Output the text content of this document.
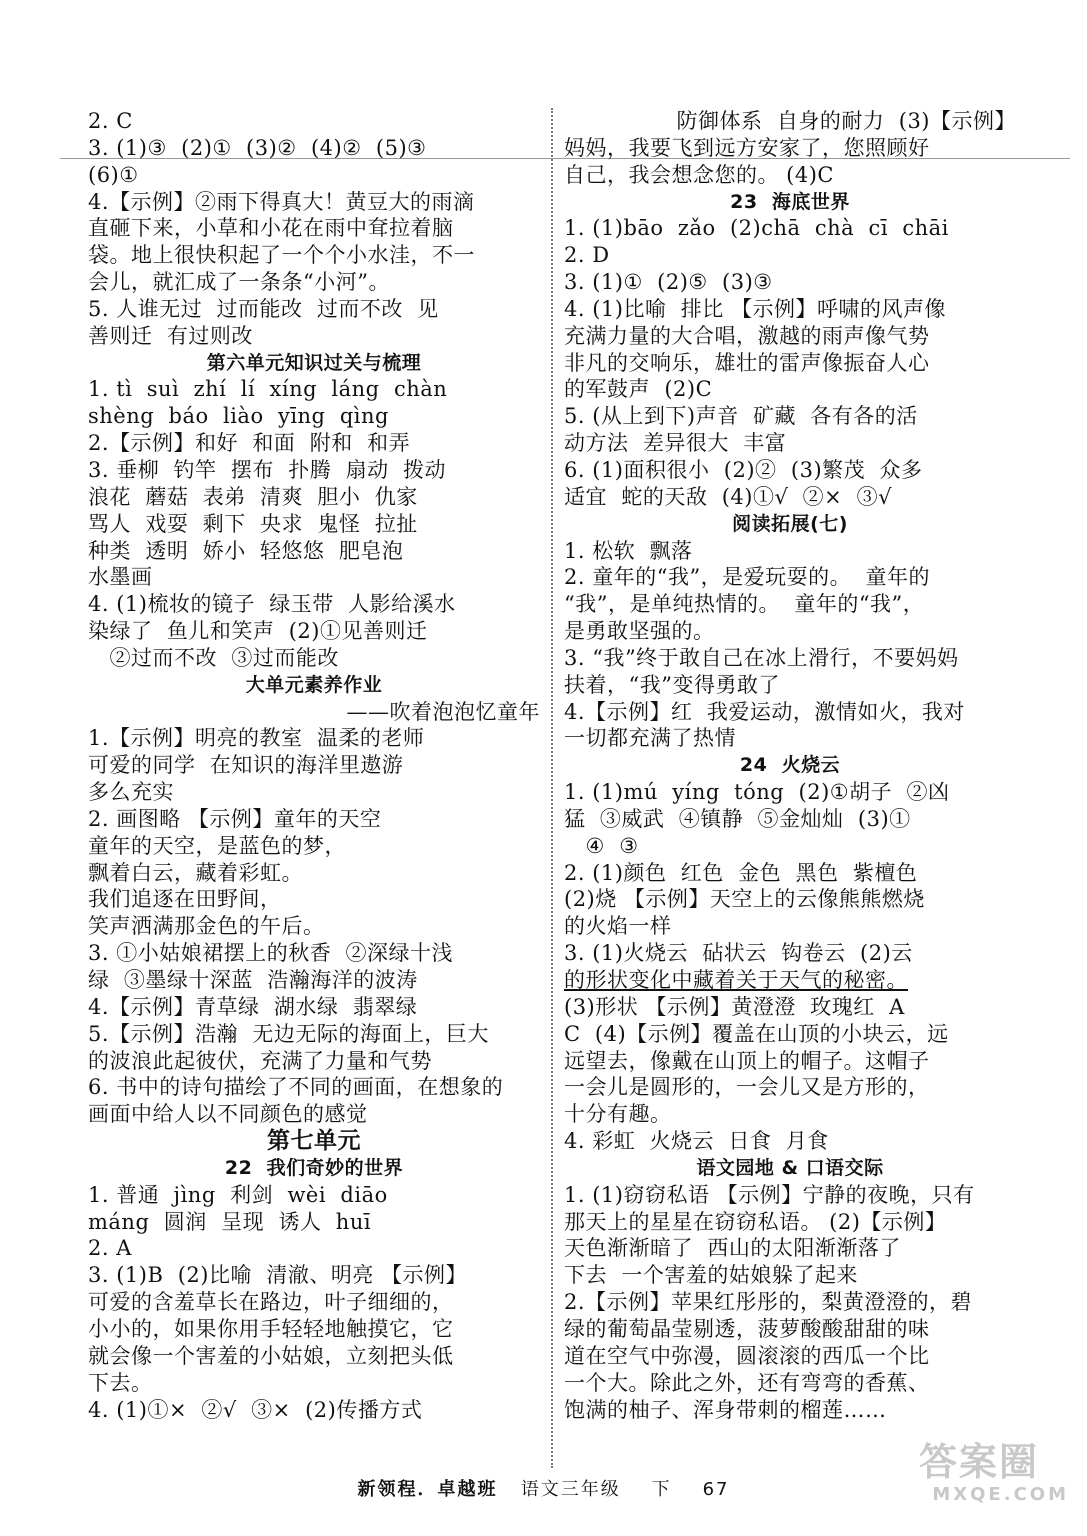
2. C
3. (1)③  (2)①  (3)②  (4)②  (5)③
(6)①
4.【示例】②雨下得真大！黄豆大的雨滴
直砸下来，小草和小花在雨中耷拉着脑
袋。地上很快积起了一个个小水洼，不一
会儿，就汇成了一条条“小河”。
5. 人谁无过  过而能改  过而不改  见
善则迁  有过则改
第六单元知识过关与梳理
1. tì  suì  zhí  lí  xíng  láng  chàn
shèng  báo  liào  yīng  qìng
2.【示例】和好  和面  附和  和弄
3. 垂柳  钓竿  摆布  扑腾  扇动  拨动
浪花  蘑菇  表弟  清爽  胆小  仇家
骂人  戏耍  剩下  央求  鬼怪  拉扯
种类  透明  娇小  轻悠悠  肥皂泡
水墨画
4. (1)梳妆的镜子  绿玉带  人影给溪水
染绿了  鱼儿和笑声  (2)①见善则迁
②过而不改  ③过而能改
大单元素养作业
——吹着泡泡忆童年
1.【示例】明亮的教室  温柔的老师
可爱的同学  在知识的海洋里遨游
多么充实
2. 画图略 【示例】童年的天空
童年的天空，是蓝色的梦，
飘着白云，藏着彩虹。
我们追逐在田野间，
笑声洒满那金色的午后。
3. ①小姑娘裙摆上的秋香  ②深绿十浅
绿  ③墨绿十深蓝  浩瀚海洋的波涛
4.【示例】青草绿  湖水绿  翡翠绿
5.【示例】浩瀚  无边无际的海面上，巨大
的波浪此起彼伏，充满了力量和气势
6. 书中的诗句描绘了不同的画面，在想象的
画面中给人以不同颜色的感觉
第七单元
22  我们奇妙的世界
1. 普通  jìng  利剑  wèi  diāo
máng  圆润  呈现  诱人  huī
2. A
3. (1)B  (2)比喻  清澈、明亮 【示例】
可爱的含羞草长在路边，叶子细细的，
小小的，如果你用手轻轻地触摸它，它
就会像一个害羞的小姑娘，立刻把头低
下去。
4. (1)①×  ②√  ③×  (2)传播方式
防御体系  自身的耐力  (3)【示例】
妈妈，我要飞到远方安家了，您照顾好
自己，我会想念您的。 (4)C
23  海底世界
1. (1)bāo  zǎo  (2)chā  chà  cī  chāi
2. D
3. (1)①  (2)⑤  (3)③
4. (1)比喻  排比 【示例】呼啸的风声像
充满力量的大合唱，激越的雨声像气势
非凡的交响乐，雄壮的雷声像振奋人心
的军鼓声  (2)C
5. (从上到下)声音  矿藏  各有各的活
动方法  差异很大  丰富
6. (1)面积很小  (2)②  (3)繁茂  众多
适宜  蛇的天敌  (4)①√  ②×  ③√
阅读拓展(七)
1. 松软  飘落
2. 童年的“我”，是爱玩耍的。  童年的
“我”，是单纯热情的。  童年的“我”，
是勇敢坚强的。
3. “我”终于敢自己在冰上滑行，不要妈妈
扶着，“我”变得勇敢了
4.【示例】红  我爱运动，激情如火，我对
一切都充满了热情
24  火烧云
1. (1)mú  yíng  tóng  (2)①胡子  ②凶
猛  ③威武  ④镇静  ⑤金灿灿  (3)①
④  ③
2. (1)颜色  红色  金色  黑色  紫檀色
(2)烧 【示例】天空上的云像熊熊燃烧
的火焰一样
3. (1)火烧云  砧状云  钩卷云  (2)云
的形状变化中藏着关于天气的秘密。
(3)形状 【示例】黄澄澄  玫瑰红  A
C  (4)【示例】覆盖在山顶的小块云，远
远望去，像戴在山顶上的帽子。这帽子
一会儿是圆形的，一会儿又是方形的，
十分有趣。
4. 彩虹  火烧云  日食  月食
语文园地 & 口语交际
1. (1)窃窃私语 【示例】宁静的夜晚，只有
那天上的星星在窃窃私语。 (2)【示例】
天色渐渐暗了  西山的太阳渐渐落了
下去  一个害羞的姑娘躲了起来
2.【示例】苹果红彤彤的，梨黄澄澄的，碧
绿的葡萄晶莹剔透，菠萝酸酸甜甜的味
道在空气中弥漫，圆滚滚的西瓜一个比
一个大。除此之外，还有弯弯的香蕉、
饱满的柚子、浑身带刺的榴莲……
新领程．卓越班 语文三年级 下 67
答案圈
MXQE.COM
